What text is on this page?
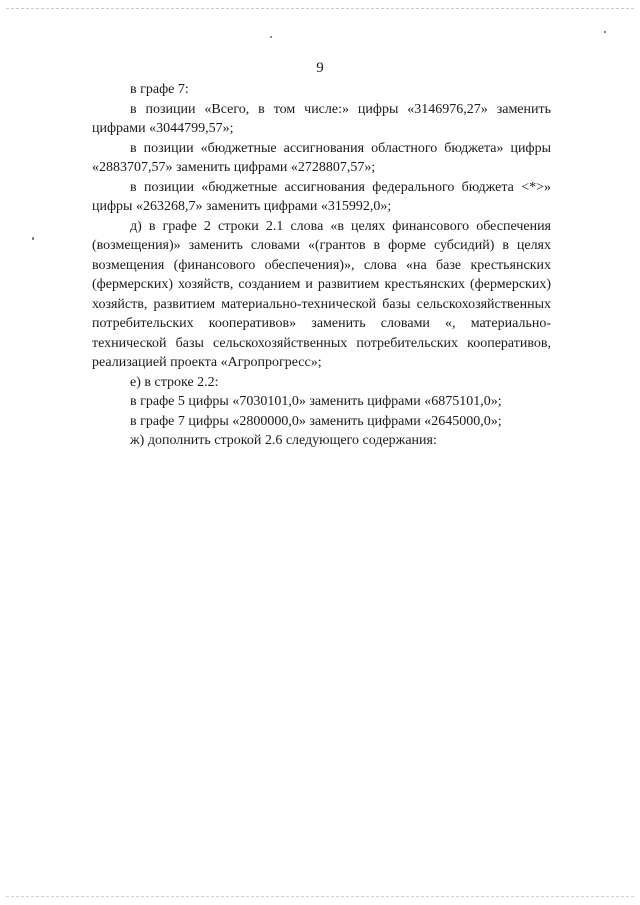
9

в графе 7:

в позиции «Всего, в том числе:» цифры «3146976,27» заменить цифрами «3044799,57»;

в позиции «бюджетные ассигнования областного бюджета» цифры «2883707,57» заменить цифрами «2728807,57»;

в позиции «бюджетные ассигнования федерального бюджета <*>» цифры «263268,7» заменить цифрами «315992,0»;

д) в графе 2 строки 2.1 слова «в целях финансового обеспечения (возмещения)» заменить словами «(грантов в форме субсидий) в целях возмещения (финансового обеспечения)», слова «на базе крестьянских (фермерских) хозяйств, созданием и развитием крестьянских (фермерских) хозяйств, развитием материально-технической базы сельскохозяйственных потребительских кооперативов» заменить словами «, материально-технической базы сельскохозяйственных потребительских кооперативов, реализацией проекта «Агропрогресс»;

е) в строке 2.2:

в графе 5 цифры «7030101,0» заменить цифрами «6875101,0»;

в графе 7 цифры «2800000,0» заменить цифрами «2645000,0»;

ж) дополнить строкой 2.6 следующего содержания:
